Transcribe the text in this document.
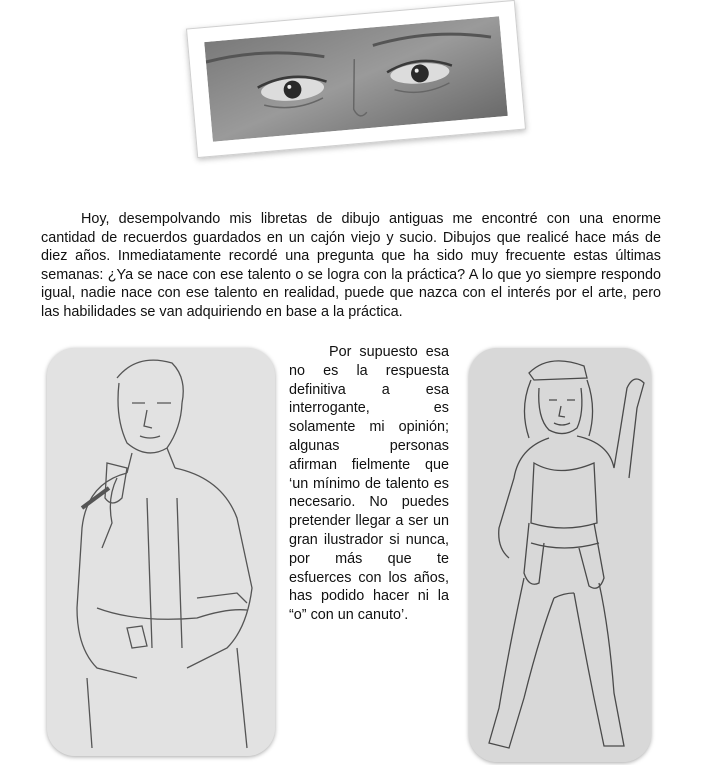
Hoy, desempolvando mis libretas de dibujo antiguas me encontré con una enorme cantidad de recuerdos guardados en un cajón viejo y sucio. Dibujos que realicé hace más de diez años. Inmediatamente recordé una pregunta que ha sido muy frecuente estas últimas semanas: ¿Ya se nace con ese talento o se logra con la práctica? A lo que yo siempre respondo igual, nadie nace con ese talento en realidad, puede que nazca con el interés por el arte, pero las habilidades se van adquiriendo en base a la práctica.

Por supuesto esa no es la respuesta definitiva a esa interrogante, es solamente mi opinión; algunas personas afirman fielmente que ‘un mínimo de talento es necesario. No puedes pretender llegar a ser un gran ilustrador si nunca, por más que te esfuerces con los años, has podido hacer ni la “o” con un canuto’.
